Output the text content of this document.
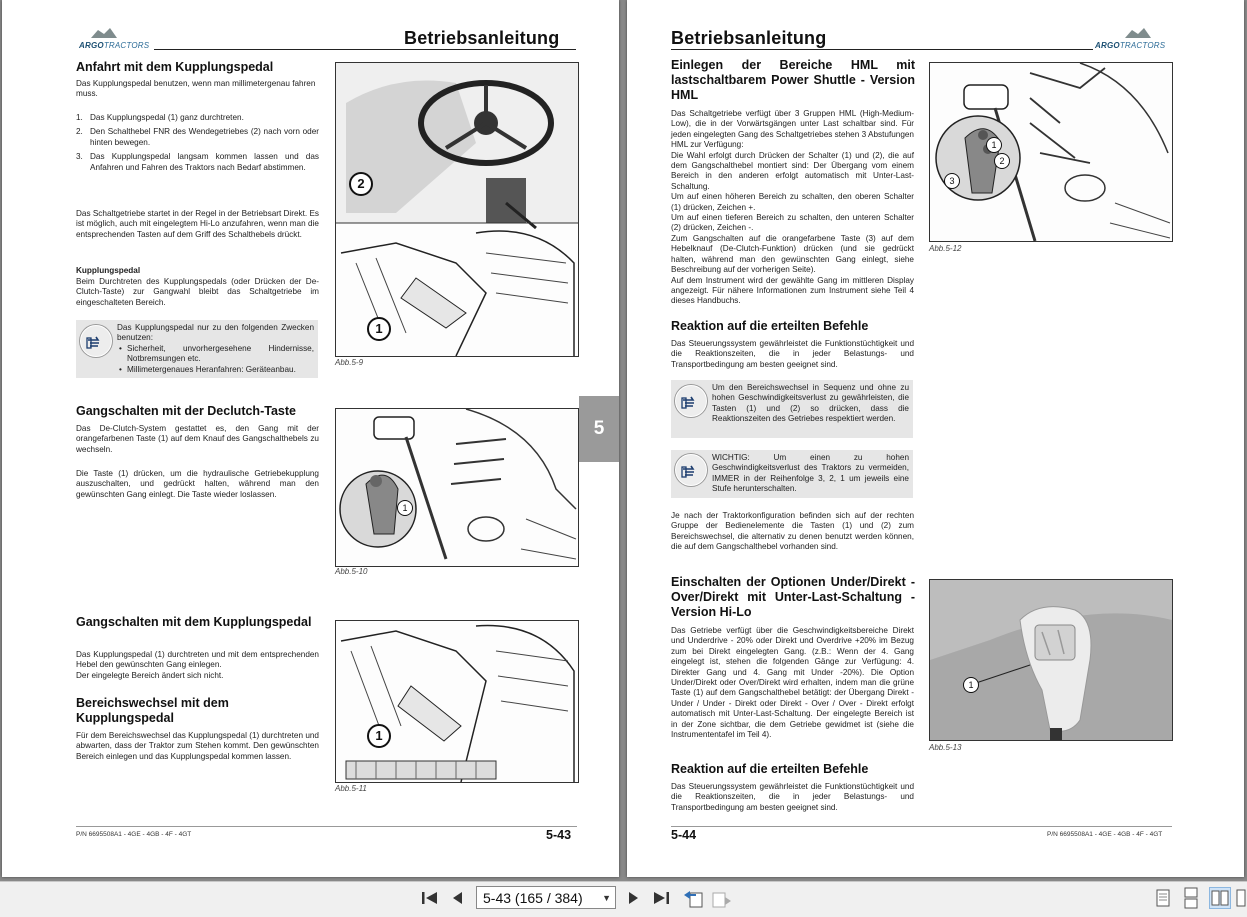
ARGOTRACTORS	Betriebsanleitung
Anfahrt mit dem Kupplungspedal
Das Kupplungspedal benutzen, wenn man millimetergenau fahren muss.
1. Das Kupplungspedal (1) ganz durchtreten.
2. Den Schalthebel FNR des Wendegetriebes (2) nach vorn oder hinten bewegen.
3. Das Kupplungspedal langsam kommen lassen und das Anfahren und Fahren des Traktors nach Bedarf abstimmen.
Das Schaltgetriebe startet in der Regel in der Betriebsart Direkt. Es ist möglich, auch mit eingelegtem Hi-Lo anzufahren, wenn man die entsprechenden Tasten auf dem Griff des Schalthebels drückt.
Kupplungspedal
Beim Durchtreten des Kupplungspedals (oder Drücken der De-Clutch-Taste) zur Gangwahl bleibt das Schaltgetriebe im eingeschalteten Bereich.
Das Kupplungspedal nur zu den folgenden Zwecken benutzen:
• Sicherheit, unvorhergesehene Hindernisse, Notbremsungen etc.
• Millimetergenaues Heranfahren: Geräteanbau.
2
1
Abb.5-9
Gangschalten mit der Declutch-Taste
Das De-Clutch-System gestattet es, den Gang mit der orangefarbenen Taste (1) auf dem Knauf des Gangschalthebels zu wechseln.
Die Taste (1) drücken, um die hydraulische Getriebekupplung auszuschalten, und gedrückt halten, während man den gewünschten Gang einlegt. Die Taste wieder loslassen.
1
Abb.5-10
Gangschalten mit dem Kupplungspedal
Das Kupplungspedal (1) durchtreten und mit dem entsprechenden Hebel den gewünschten Gang einlegen.
Der eingelegte Bereich ändert sich nicht.
Bereichswechsel mit dem Kupplungspedal
Für dem Bereichswechsel das Kupplungspedal (1) durchtreten und abwarten, dass der Traktor zum Stehen kommt. Den gewünschten Bereich einlegen und das Kupplungspedal kommen lassen.
1
Abb.5-11
P/N 6695508A1 - 4GE - 4GB - 4F - 4GT	5-43
5
Betriebsanleitung	ARGOTRACTORS
Einlegen der Bereiche HML mit lastschaltbarem Power Shuttle - Version HML
Das Schaltgetriebe verfügt über 3 Gruppen HML (High-Medium-Low), die in der Vorwärtsgängen unter Last schaltbar sind. Für jeden eingelegten Gang des Schaltgetriebes stehen 3 Abstufungen HML zur Verfügung:
Die Wahl erfolgt durch Drücken der Schalter (1) und (2), die auf dem Gangschalthebel montiert sind: Der Übergang vom einem Bereich in den anderen erfolgt automatisch mit Unter-Last-Schaltung.
Um auf einen höheren Bereich zu schalten, den oberen Schalter (1) drücken, Zeichen +.
Um auf einen tieferen Bereich zu schalten, den unteren Schalter (2) drücken, Zeichen -.
Zum Gangschalten auf die orangefarbene Taste (3) auf dem Hebelknauf (De-Clutch-Funktion) drücken (und sie gedrückt halten, während man den gewünschten Gang einlegt, siehe Beschreibung auf der vorherigen Seite).
Auf dem Instrument wird der gewählte Gang im mittleren Display angezeigt. Für nähere Informationen zum Instrument siehe Teil 4 dieses Handbuchs.
1
2
3
Abb.5-12
Reaktion auf die erteilten Befehle
Das Steuerungssystem gewährleistet die Funktionstüchtigkeit und die Reaktionszeiten, die in jeder Belastungs- und Transportbedingung am besten geeignet sind.
Um den Bereichswechsel in Sequenz und ohne zu hohen Geschwindigkeitsverlust zu gewährleisten, die Tasten (1) und (2) so drücken, dass die Reaktionszeiten des Getriebes respektiert werden.
WICHTIG: Um einen zu hohen Geschwindigkeitsverlust des Traktors zu vermeiden, IMMER in der Reihenfolge 3, 2, 1 um jeweils eine Stufe herunterschalten.
Je nach der Traktorkonfiguration befinden sich auf der rechten Gruppe der Bedienelemente die Tasten (1) und (2) zum Bereichswechsel, die alternativ zu denen benutzt werden können, die auf dem Gangschalthebel vorhanden sind.
Einschalten der Optionen Under/Direkt - Over/Direkt mit Unter-Last-Schaltung - Version Hi-Lo
Das Getriebe verfügt über die Geschwindigkeitsbereiche Direkt und Underdrive - 20% oder Direkt und Overdrive +20% im Bezug zum bei Direkt eingelegten Gang. (z.B.: Wenn der 4. Gang eingelegt ist, stehen die folgenden Gänge zur Verfügung: 4. Direkter Gang und 4. Gang mit Under -20%). Die Option Under/Direkt oder Over/Direkt wird erhalten, indem man die grüne Taste (1) auf dem Gangschalthebel betätigt: der Übergang Direkt - Under / Under - Direkt oder Direkt - Over / Over - Direkt erfolgt automatisch mit Unter-Last-Schaltung. Der eingelegte Bereich ist in der Zone sichtbar, die dem Getriebe gewidmet ist (siehe die Instrumententafel im Teil 4).
1
Abb.5-13
Reaktion auf die erteilten Befehle
Das Steuerungssystem gewährleistet die Funktionstüchtigkeit und die Reaktionszeiten, die in jeder Belastungs- und Transportbedingung am besten geeignet sind.
5-44	P/N 6695508A1 - 4GE - 4GB - 4F - 4GT
5-43 (165 / 384) ▼
